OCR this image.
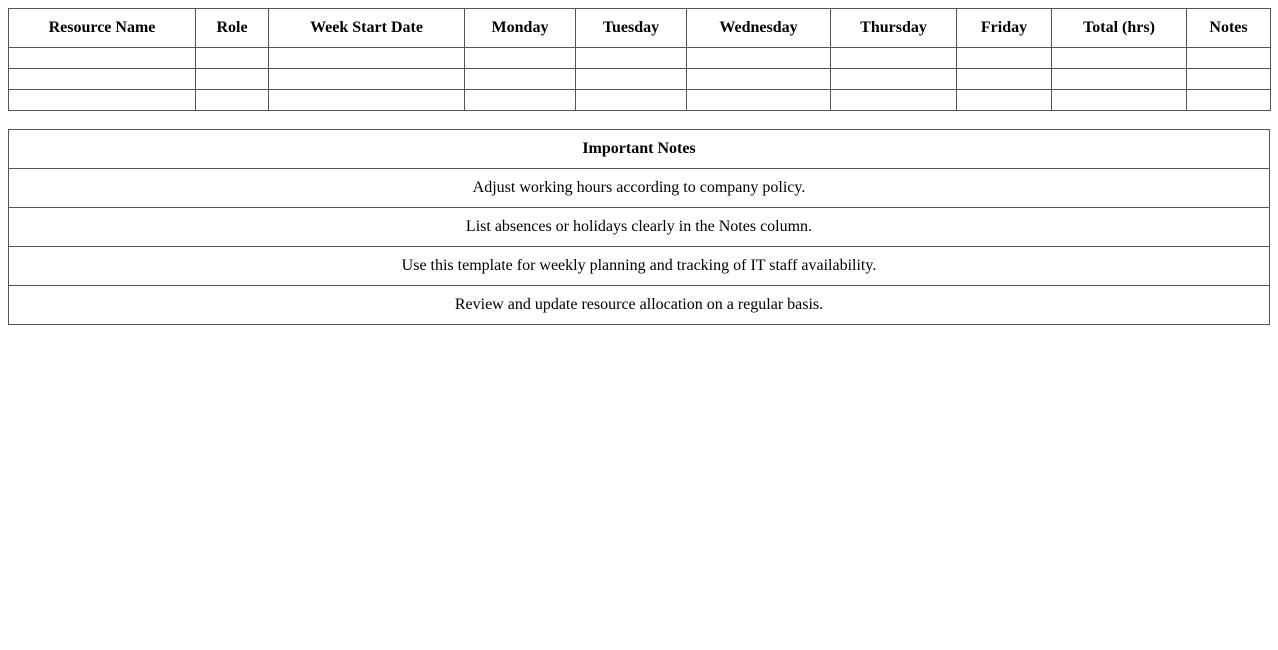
Resource Name	Role	Week Start Date	Monday	Tuesday	Wednesday	Thursday	Friday	Total (hrs)	Notes

Important Notes
Adjust working hours according to company policy.
List absences or holidays clearly in the Notes column.
Use this template for weekly planning and tracking of IT staff availability.
Review and update resource allocation on a regular basis.
